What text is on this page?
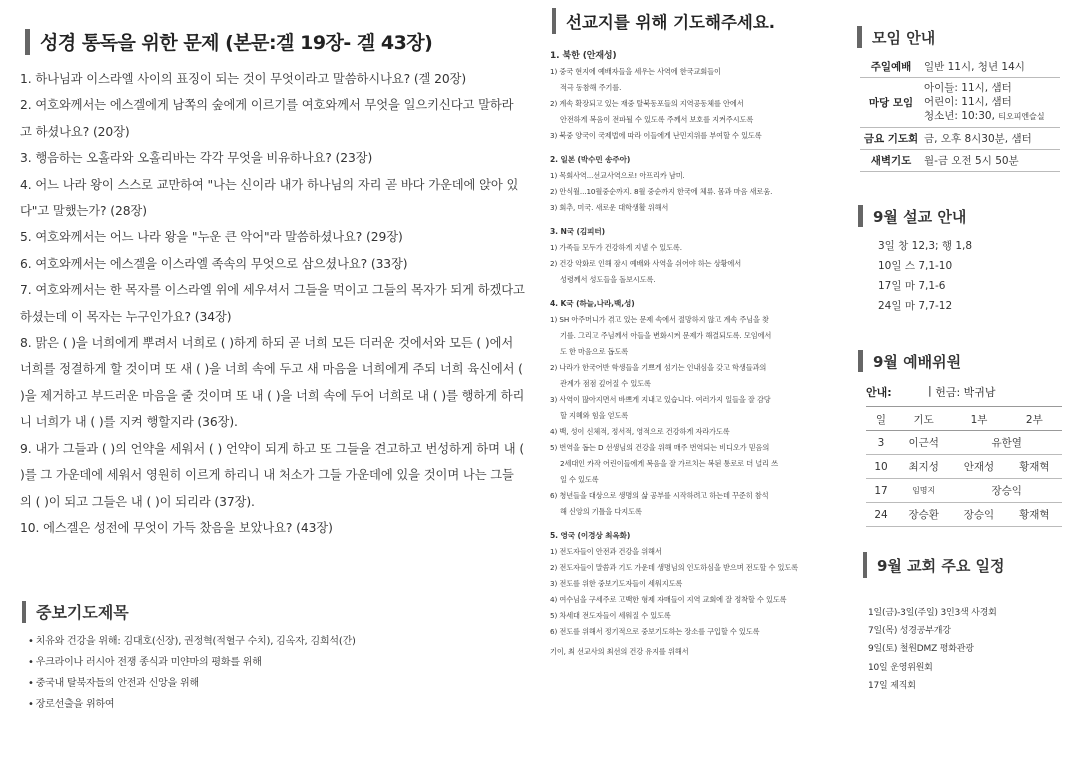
성경 통독을 위한 문제 (본문:겔 19장- 겔 43장)

1. 하나님과 이스라엘 사이의 표징이 되는 것이 무엇이라고 말씀하시나요? (겔 20장)

2. 여호와께서는 에스겔에게 남쪽의 숲에게 이르기를 여호와께서 무엇을 일으키신다고 말하라고 하셨나요? (20장)

3. 행음하는 오홀라와 오홀리바는 각각 무엇을 비유하나요? (23장)

4. 어느 나라 왕이 스스로 교만하여 "나는 신이라 내가 하나님의 자리 곧 바다 가운데에 앉아 있다"고 말했는가? (28장)

5. 여호와께서는 어느 나라 왕을 "누운 큰 악어"라 말씀하셨나요? (29장)

6. 여호와께서는 에스겔을 이스라엘 족속의 무엇으로 삼으셨나요? (33장)

7. 여호와께서는 한 목자를 이스라엘 위에 세우셔서 그들을 먹이고 그들의 목자가 되게 하겠다고 하셨는데 이 목자는 누구인가요? (34장)

8. 맑은 ( )을 너희에게 뿌려서 너희로 ( )하게 하되 곧 너희 모든 더러운 것에서와 모든 ( )에서 너희를 정결하게 할 것이며 또 새 ( )을 너희 속에 두고 새 마음을 너희에게 주되 너희 육신에서 ( )을 제거하고 부드러운 마음을 줄 것이며 또 내 ( )을 너희 속에 두어 너희로 내 ( )를 행하게 하리니 너희가 내 ( )를 지켜 행할지라 (36장).

9. 내가 그들과 ( )의 언약을 세워서 ( ) 언약이 되게 하고 또 그들을 견고하고 번성하게 하며 내 ( )를 그 가운데에 세워서 영원히 이르게 하리니 내 처소가 그들 가운데에 있을 것이며 나는 그들의 ( )이 되고 그들은 내 ( )이 되리라 (37장).

10. 에스겔은 성전에 무엇이 가득 찼음을 보았나요? (43장)

중보기도제목
• 치유와 건강을 위해: 김대호(신장), 권정혁(적혈구 수치), 김옥자, 김희석(간)
• 우크라이나 러시아 전쟁 종식과 미얀마의 평화를 위해
• 중국내 탈북자들의 안전과 신앙을 위해
• 장로선출을 위하여
선교지를 위해 기도해주세요.
1. 북한 (안재성)
1) 중국 현지에 예배자들을 세우는 사역에 한국교회들이
적극 동참해 주기를.
2) 계속 확장되고 있는 재중 탈북동포들의 지역공동체를 안에서
안전하게 복음이 전파될 수 있도록 주께서 보호를 지켜주시도록
3) 북중 양국이 국제법에 따라 이들에게 난민지위를 부여할 수 있도록
2. 일본 (박수민 송주아)
1) 목회사역...선교사역으로! 아프리카 남미.
2) 안식월...10월중순까지. 8월 중순까지 한국에 체류. 몸과 마음 새로움.
3) 회추, 미국. 새로운 대학생활 위해서
3. N국 (김피터)
1) 가족들 모두가 건강하게 지낼 수 있도록.
2) 건강 악화로 인해 잠시 예배와 사역을 쉬어야 하는 상황에서
성령께서 성도들을 돌보시도록.
4. K국 (하늘,나라,백,성)
1) SH 아주머니가 겪고 있는 문제 속에서 절망하지 않고 계속 주님을 찾
기를. 그리고 주님께서 아들을 변화시켜 문제가 해결되도록. 모임에서
도 한 마음으로 돕도록
2) 나라가 한국어반 학생들을 기쁘게 섬기는 인내심을 갖고 학생들과의
관계가 점점 깊어질 수 있도록
3) 사역이 많아지면서 바쁘게 지내고 있습니다. 여러가지 일들을 잘 감당
할 지혜와 힘을 얻도록
4) 백, 성이 신체적, 정서적, 영적으로 건강하게 자라가도록
5) 번역을 돕는 D 선생님의 건강을 위해 매주 번역되는 비디오가 믿음의
2세대인 카작 어린이들에게 복음을 잘 가르치는 복된 통로로 더 널리 쓰
일 수 있도록
6) 청년들을 대상으로 생명의 삶 공부를 시작하려고 하는데 꾸준히 참석
해 신앙의 기틀을 다지도록
5. 영국 (이경상 최옥화)
1) 전도자들이 안전과 건강을 위해서
2) 전도자들이 말씀과 기도 가운데 생명님의 인도하심을 받으며 전도할 수 있도록
3) 전도를 위한 중보기도자들이 세워지도록
4) 여수님을 구세주로 고백한 형제 자매들이 지역 교회에 잘 정착할 수 있도록
5) 차세대 전도자들이 세워질 수 있도록
6) 전도를 위해서 정기적으로 중보기도하는 장소를 구입할 수 있도록
기이, 최 선교사의 최선의 건강 유지를 위해서
모임 안내
주일예배	일반 11시, 청년 14시
마당 모임	아이들: 11시, 샘터
어린이: 11시, 샘터
청소년: 10:30, 티오피엔슬실

금요 기도회	금, 오후 8시30분, 샘터
새벽기도	월-금 오전 5시 50분
9월 설교 안내
3일 창 12,3; 행 1,8
10일 스 7,1-10
17일 마 7,1-6
24일 마 7,7-12
9월 예배위원
안내:	| 헌금: 박귀남
일	기도	1부	2부
3	이근석	유한열	
10	최지성	안재성	황재혁
17	임명지	장승익	
24	장승환	장승익	황재혁
9월 교회 주요 일정
1일(금)-3일(주일) 3인3색 사경회
7일(목) 성경공부개강
9일(토) 철원DMZ 평화관광
10일 운영위원회
17일 제직회
